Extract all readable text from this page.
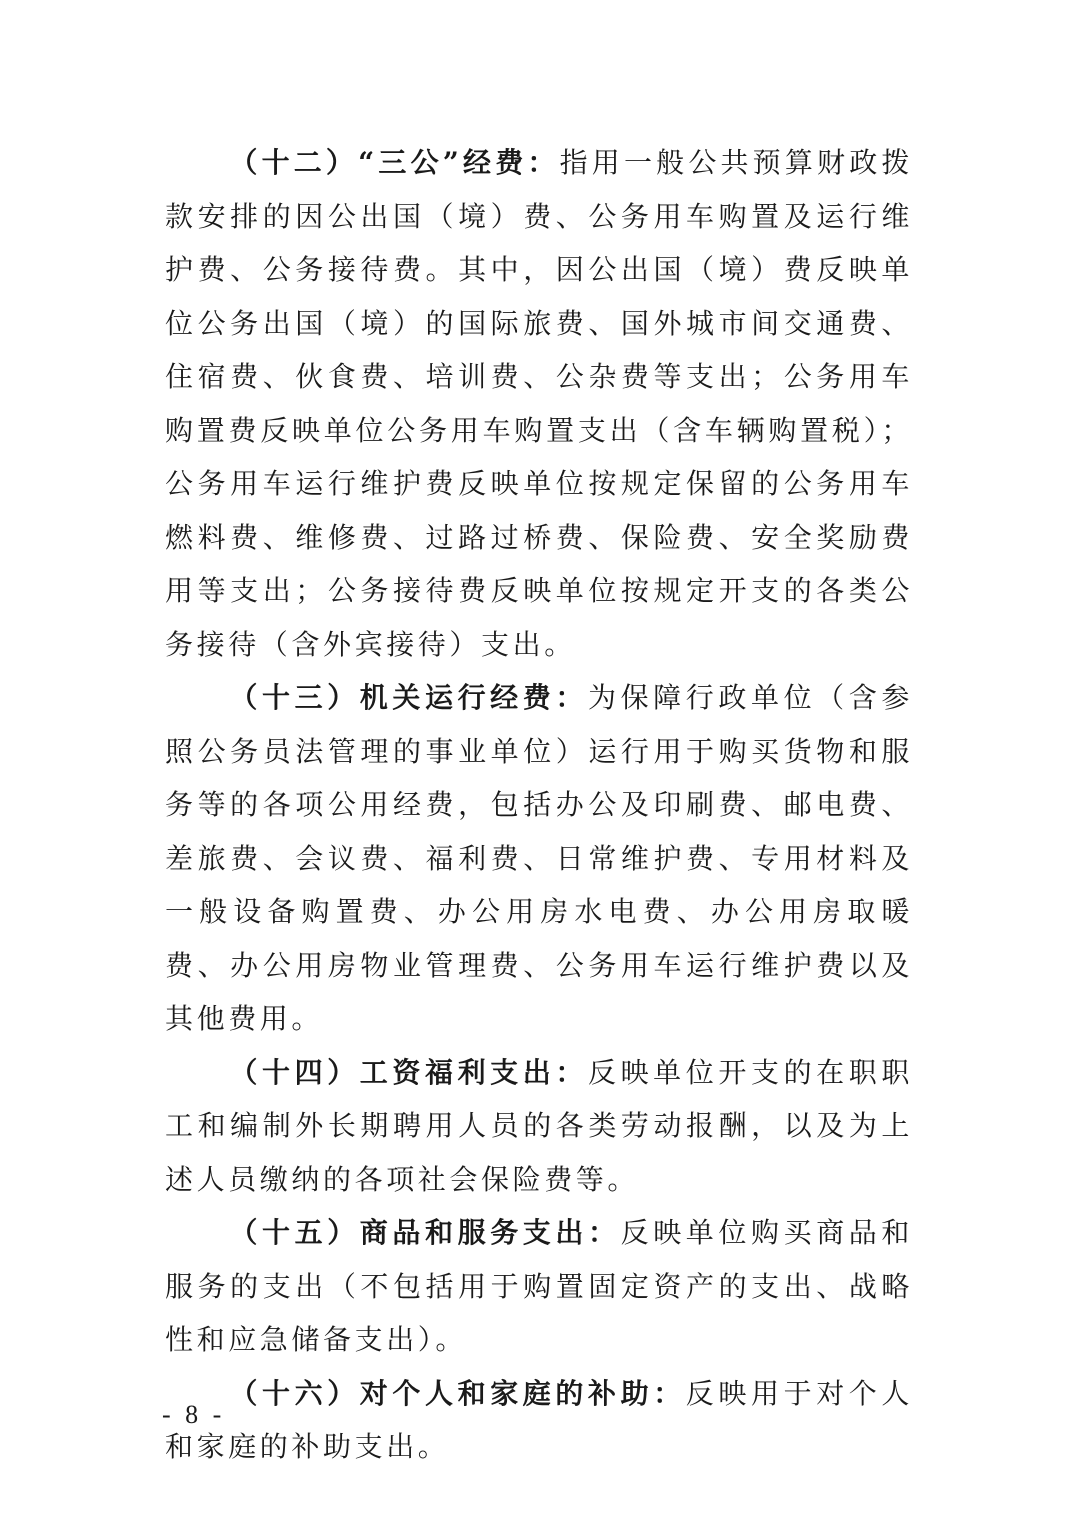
（十二）“三公”经费：指用一般公共预算财政拨款安排的因公出国（境）费、公务用车购置及运行维护费、公务接待费。其中，因公出国（境）费反映单位公务出国（境）的国际旅费、国外城市间交通费、住宿费、伙食费、培训费、公杂费等支出；公务用车购置费反映单位公务用车购置支出（含车辆购置税）；公务用车运行维护费反映单位按规定保留的公务用车燃料费、维修费、过路过桥费、保险费、安全奖励费用等支出；公务接待费反映单位按规定开支的各类公务接待（含外宾接待）支出。

（十三）机关运行经费：为保障行政单位（含参照公务员法管理的事业单位）运行用于购买货物和服务等的各项公用经费，包括办公及印刷费、邮电费、差旅费、会议费、福利费、日常维护费、专用材料及一般设备购置费、办公用房水电费、办公用房取暖费、办公用房物业管理费、公务用车运行维护费以及其他费用。

（十四）工资福利支出：反映单位开支的在职职工和编制外长期聘用人员的各类劳动报酬，以及为上述人员缴纳的各项社会保险费等。

（十五）商品和服务支出：反映单位购买商品和服务的支出（不包括用于购置固定资产的支出、战略性和应急储备支出）。

（十六）对个人和家庭的补助：反映用于对个人和家庭的补助支出。

- 8 -
